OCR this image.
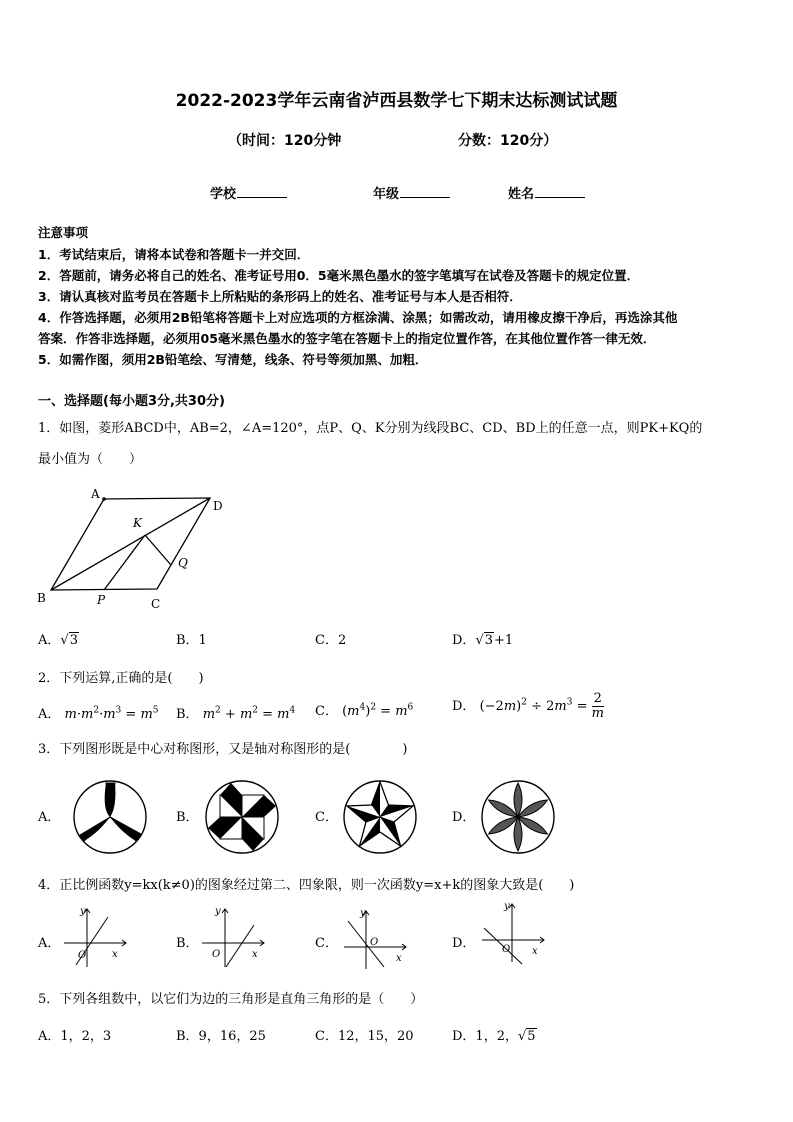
2022-2023学年云南省泸西县数学七下期末达标测试试题
（时间：120分钟	分数：120分）
学校	年级	姓名
注意事项
1．考试结束后，请将本试卷和答题卡一并交回．
2．答题前，请务必将自己的姓名、准考证号用0．5毫米黑色墨水的签字笔填写在试卷及答题卡的规定位置．
3．请认真核对监考员在答题卡上所粘贴的条形码上的姓名、准考证号与本人是否相符．
4．作答选择题，必须用2B铅笔将答题卡上对应选项的方框涂满、涂黑；如需改动，请用橡皮擦干净后，再选涂其他
答案．作答非选择题，必须用05毫米黑色墨水的签字笔在答题卡上的指定位置作答，在其他位置作答一律无效．
5．如需作图，须用2B铅笔绘、写清楚，线条、符号等须加黑、加粗．
一、选择题(每小题3分,共30分)
1．如图，菱形ABCD中，AB=2，∠A=120°，点P、Q、K分别为线段BC、CD、BD上的任意一点，则PK+KQ的
最小值为（　　）
A
D
B	C
K
P
Q
A．√3	B．1	C．2	D．√3+1
2．下列运算,正确的是(　　)
A． $m\cdot m^2\cdot m^3 = m^5$ B． $m^2 + m^2 = m^4$ C． $(m^4)^2 = m^6$	D． $(-2m)^2 \div 2m^3 = \frac{2}{m}$
3．下列图形既是中心对称图形，又是轴对称图形的是(　　　　)
A．	B．	C．	D．
4．正比例函数y=kx(k≠0)的图象经过第二、四象限，则一次函数y=x+k的图象大致是(　　)
A．
y
x
O
B．
y
x
O
C．
y
x
O	D．
y
x
O
5．下列各组数中，以它们为边的三角形是直角三角形的是（　　）
A．1，2，3	B．9，16，25	C．12，15，20	D．1，2，√5
